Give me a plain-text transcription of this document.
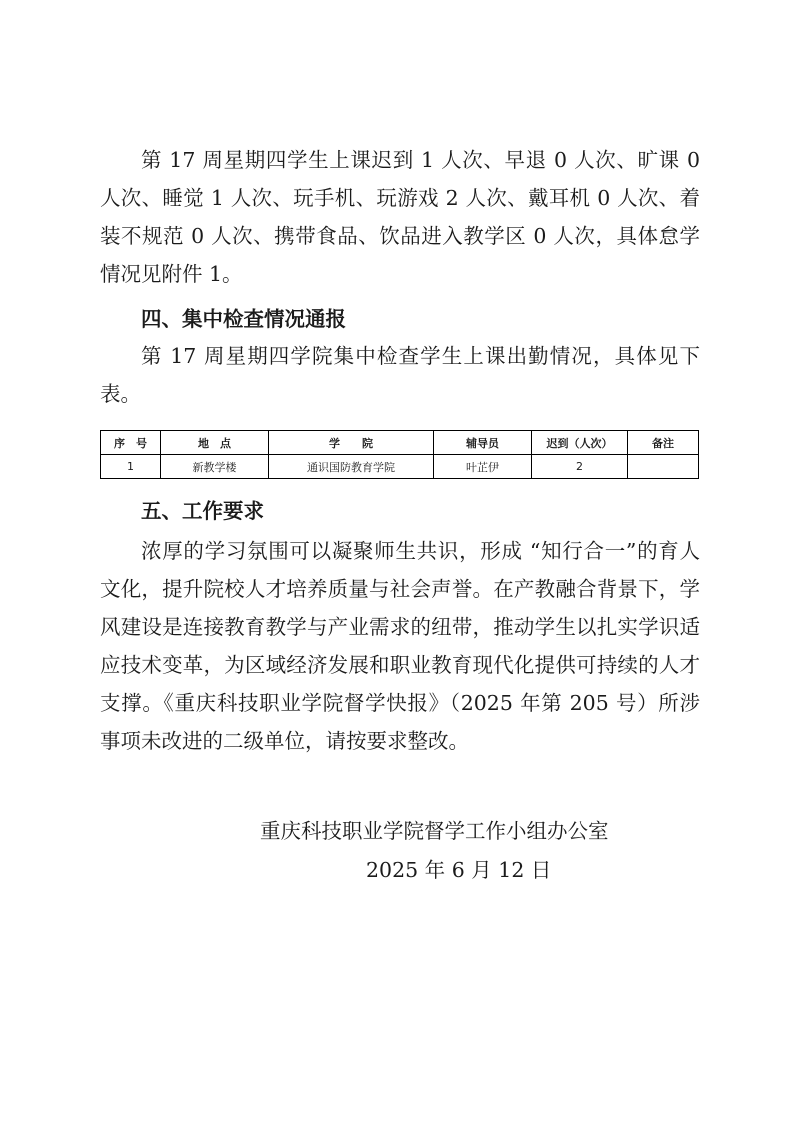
第 17 周星期四学生上课迟到 1 人次、早退 0 人次、旷课 0 人次、睡觉 1 人次、玩手机、玩游戏 2 人次、戴耳机 0 人次、着装不规范 0 人次、携带食品、饮品进入教学区 0 人次，具体怠学情况见附件 1。

四、集中检查情况通报

第 17 周星期四学院集中检查学生上课出勤情况，具体见下表。

序　号	地　点	学　　院	辅导员	迟到（人次）	备注
1	新教学楼	通识国防教育学院	叶芷伊	2	

五、工作要求

浓厚的学习氛围可以凝聚师生共识，形成 “知行合一”的育人文化，提升院校人才培养质量与社会声誉。在产教融合背景下，学风建设是连接教育教学与产业需求的纽带，推动学生以扎实学识适应技术变革，为区域经济发展和职业教育现代化提供可持续的人才支撑。《重庆科技职业学院督学快报》（2025 年第 205 号）所涉事项未改进的二级单位，请按要求整改。

重庆科技职业学院督学工作小组办公室

2025 年 6 月 12 日
